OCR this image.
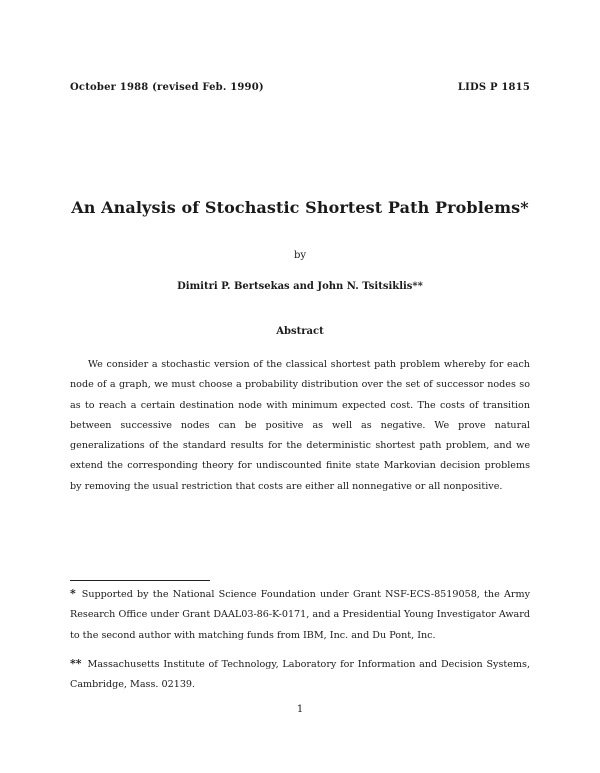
October 1988 (revised Feb. 1990)	LIDS P 1815
An Analysis of Stochastic Shortest Path Problems*
by
Dimitri P. Bertsekas and John N. Tsitsiklis**
Abstract
We consider a stochastic version of the classical shortest path problem whereby for each node of a graph, we must choose a probability distribution over the set of successor nodes so as to reach a certain destination node with minimum expected cost. The costs of transition between successive nodes can be positive as well as negative. We prove natural generalizations of the standard results for the deterministic shortest path problem, and we extend the corresponding theory for undiscounted finite state Markovian decision problems by removing the usual restriction that costs are either all nonnegative or all nonpositive.
* Supported by the National Science Foundation under Grant NSF-ECS-8519058, the Army Research Office under Grant DAAL03-86-K-0171, and a Presidential Young Investigator Award to the second author with matching funds from IBM, Inc. and Du Pont, Inc.
** Massachusetts Institute of Technology, Laboratory for Information and Decision Systems, Cambridge, Mass. 02139.
1
